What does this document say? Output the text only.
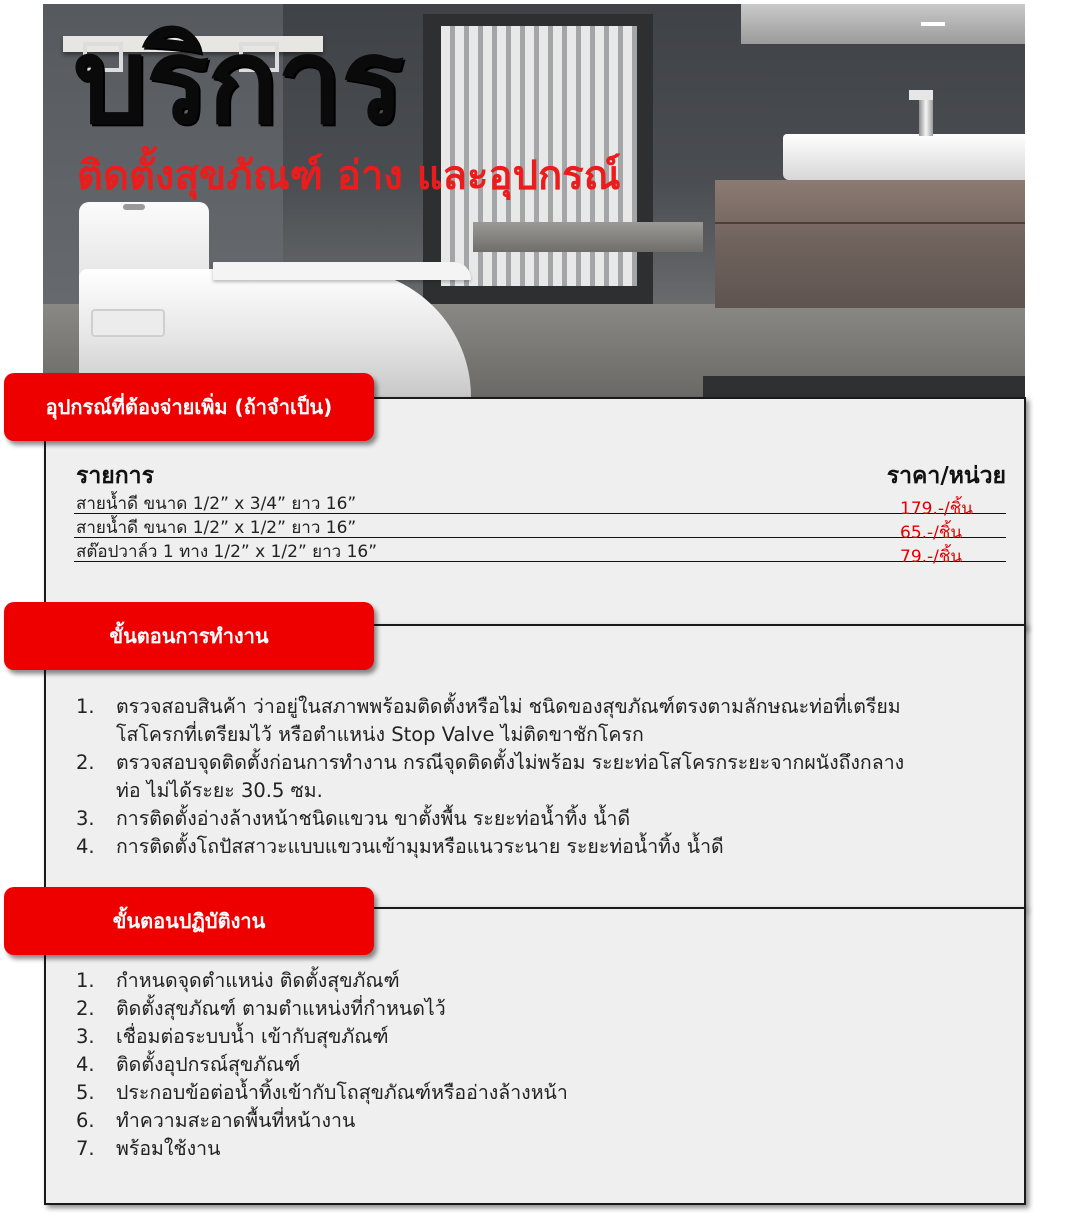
บริการ
ติดตั้งสุขภัณฑ์ อ่าง และอุปกรณ์
อุปกรณ์ที่ต้องจ่ายเพิ่ม (ถ้าจำเป็น)
รายการ	ราคา/หน่วย
สายน้ำดี ขนาด 1/2” x 3/4” ยาว 16”	179.-/ชิ้น
สายน้ำดี ขนาด 1/2” x 1/2” ยาว 16”	65.-/ชิ้น
สต๊อปวาล์ว 1 ทาง 1/2” x 1/2” ยาว 16”	79.-/ชิ้น
ขั้นตอนการทำงาน
1. ตรวจสอบสินค้า ว่าอยู่ในสภาพพร้อมติดตั้งหรือไม่ ชนิดของสุขภัณฑ์ตรงตามลักษณะท่อที่เตรียม
โสโครกที่เตรียมไว้ หรือตำแหน่ง Stop Valve ไม่ติดขาชักโครก
2. ตรวจสอบจุดติดตั้งก่อนการทำงาน กรณีจุดติดตั้งไม่พร้อม ระยะท่อโสโครกระยะจากผนังถึงกลาง
ท่อ ไม่ได้ระยะ 30.5 ซม.
3. การติดตั้งอ่างล้างหน้าชนิดแขวน ขาตั้งพื้น ระยะท่อน้ำทิ้ง น้ำดี
4. การติดตั้งโถปัสสาวะแบบแขวนเข้ามุมหรือแนวระนาย ระยะท่อน้ำทิ้ง น้ำดี
ขั้นตอนปฏิบัติงาน
1. กำหนดจุดตำแหน่ง ติดตั้งสุขภัณฑ์
2. ติดตั้งสุขภัณฑ์ ตามตำแหน่งที่กำหนดไว้
3. เชื่อมต่อระบบน้ำ เข้ากับสุขภัณฑ์
4. ติดตั้งอุปกรณ์สุขภัณฑ์
5. ประกอบข้อต่อน้ำทิ้งเข้ากับโถสุขภัณฑ์หรืออ่างล้างหน้า
6. ทำความสะอาดพื้นที่หน้างาน
7. พร้อมใช้งาน
